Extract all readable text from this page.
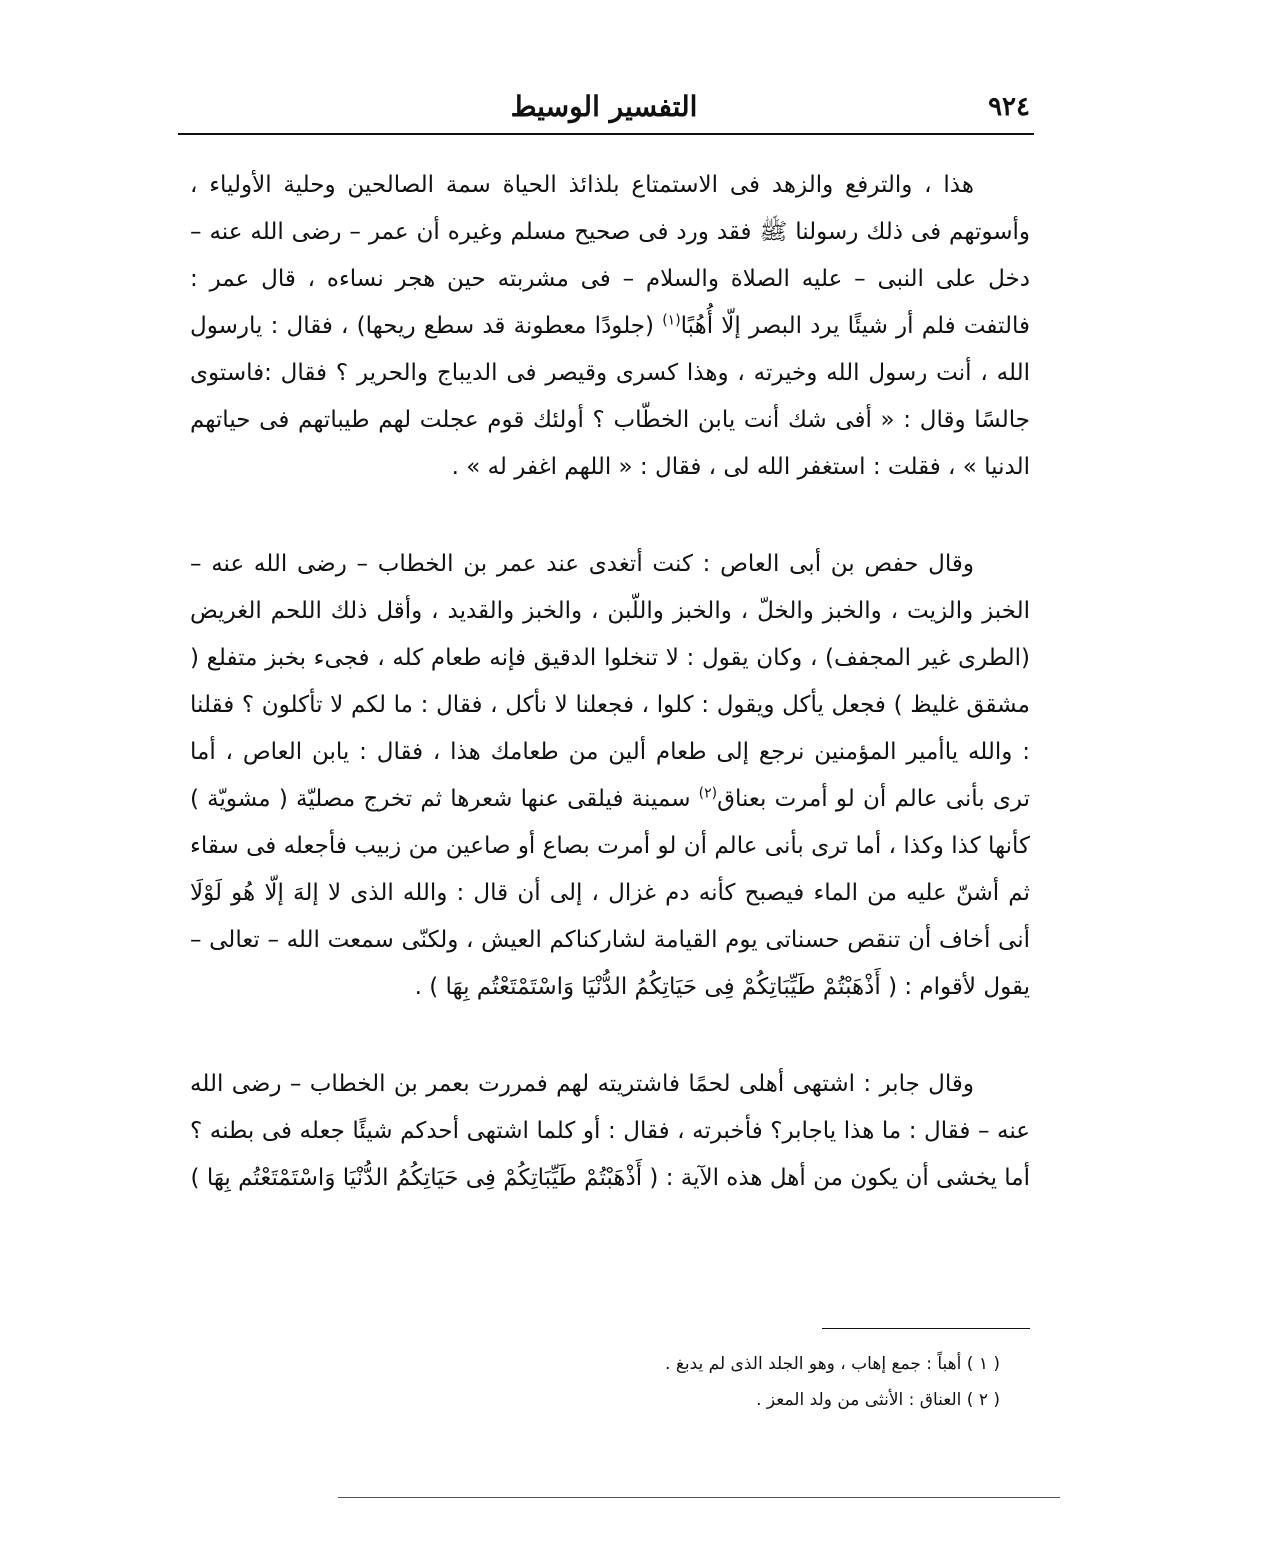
٩٢٤
التفسير الوسيط

هذا ، والترفع والزهد فى الاستمتاع بلذائذ الحياة سمة الصالحين وحلية الأولياء ، وأسوتهم فى ذلك رسولنا ﷺ فقد ورد فى صحيح مسلم وغيره أن عمر – رضى الله عنه – دخل على النبى – عليه الصلاة والسلام – فى مشربته حين هجر نساءه ، قال عمر : فالتفت فلم أر شيئًا يرد البصر إلّا أُهُبًا$^{(١)}$ (جلودًا معطونة قد سطع ريحها) ، فقال : يارسول الله ، أنت رسول الله وخيرته ، وهذا كسرى وقيصر فى الديباج والحرير ؟ فقال :فاستوى جالسًا وقال : « أفى شك أنت يابن الخطّاب ؟ أولئك قوم عجلت لهم طيباتهم فى حياتهم الدنيا » ، فقلت : استغفر الله لى ، فقال : « اللهم اغفر له » .

وقال حفص بن أبى العاص : كنت أتغدى عند عمر بن الخطاب – رضى الله عنه – الخبز والزيت ، والخبز والخلّ ، والخبز واللّبن ، والخبز والقديد ، وأقل ذلك اللحم الغريض (الطرى غير المجفف) ، وكان يقول : لا تنخلوا الدقيق فإنه طعام كله ، فجىء بخبز متفلع ( مشقق غليظ ) فجعل يأكل ويقول : كلوا ، فجعلنا لا نأكل ، فقال : ما لكم لا تأكلون ؟ فقلنا : والله ياأمير المؤمنين نرجع إلى طعام ألين من طعامك هذا ، فقال : يابن العاص ، أما ترى بأنى عالم أن لو أمرت بعناق$^{(٢)}$ سمينة فيلقى عنها شعرها ثم تخرج مصليّة ( مشويّة ) كأنها كذا وكذا ، أما ترى بأنى عالم أن لو أمرت بصاع أو صاعين من زبيب فأجعله فى سقاء ثم أشنّ عليه من الماء فيصبح كأنه دم غزال ، إلى أن قال : والله الذى لا إلهَ إلّا هُو لَوْلَا أنى أخاف أن تنقص حسناتى يوم القيامة لشاركناكم العيش ، ولكنّى سمعت الله – تعالى – يقول لأقوام : ( أَذْهَبْتُمْ طَيِّبَاتِكُمْ فِى حَيَاتِكُمُ الدُّنْيَا وَاسْتَمْتَعْتُم بِهَا ) .

وقال جابر : اشتهى أهلى لحمًا فاشتريته لهم فمررت بعمر بن الخطاب – رضى الله عنه – فقال : ما هذا ياجابر؟ فأخبرته ، فقال : أو كلما اشتهى أحدكم شيئًا جعله فى بطنه ؟ أما يخشى أن يكون من أهل هذه الآية : ( أَذْهَبْتُمْ طَيِّبَاتِكُمْ فِى حَيَاتِكُمُ الدُّنْيَا وَاسْتَمْتَعْتُم بِهَا )

( ١ ) أهباً : جمع إهاب ، وهو الجلد الذى لم يدبغ .

( ٢ ) العناق : الأنثى من ولد المعز .
